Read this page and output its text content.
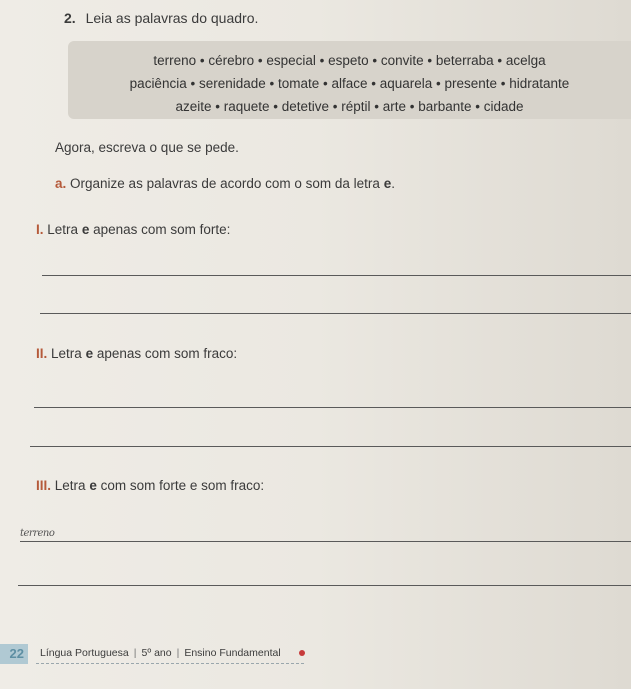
2. Leia as palavras do quadro.
terreno • cérebro • especial • espeto • convite • beterraba • acelga
paciência • serenidade • tomate • alface • aquarela • presente • hidratante
azeite • raquete • detetive • réptil • arte • barbante • cidade
Agora, escreva o que se pede.
a. Organize as palavras de acordo com o som da letra e.
I. Letra e apenas com som forte:
II. Letra e apenas com som fraco:
III. Letra e com som forte e som fraco:
terreno
22	Língua Portuguesa | 5º ano | Ensino Fundamental
